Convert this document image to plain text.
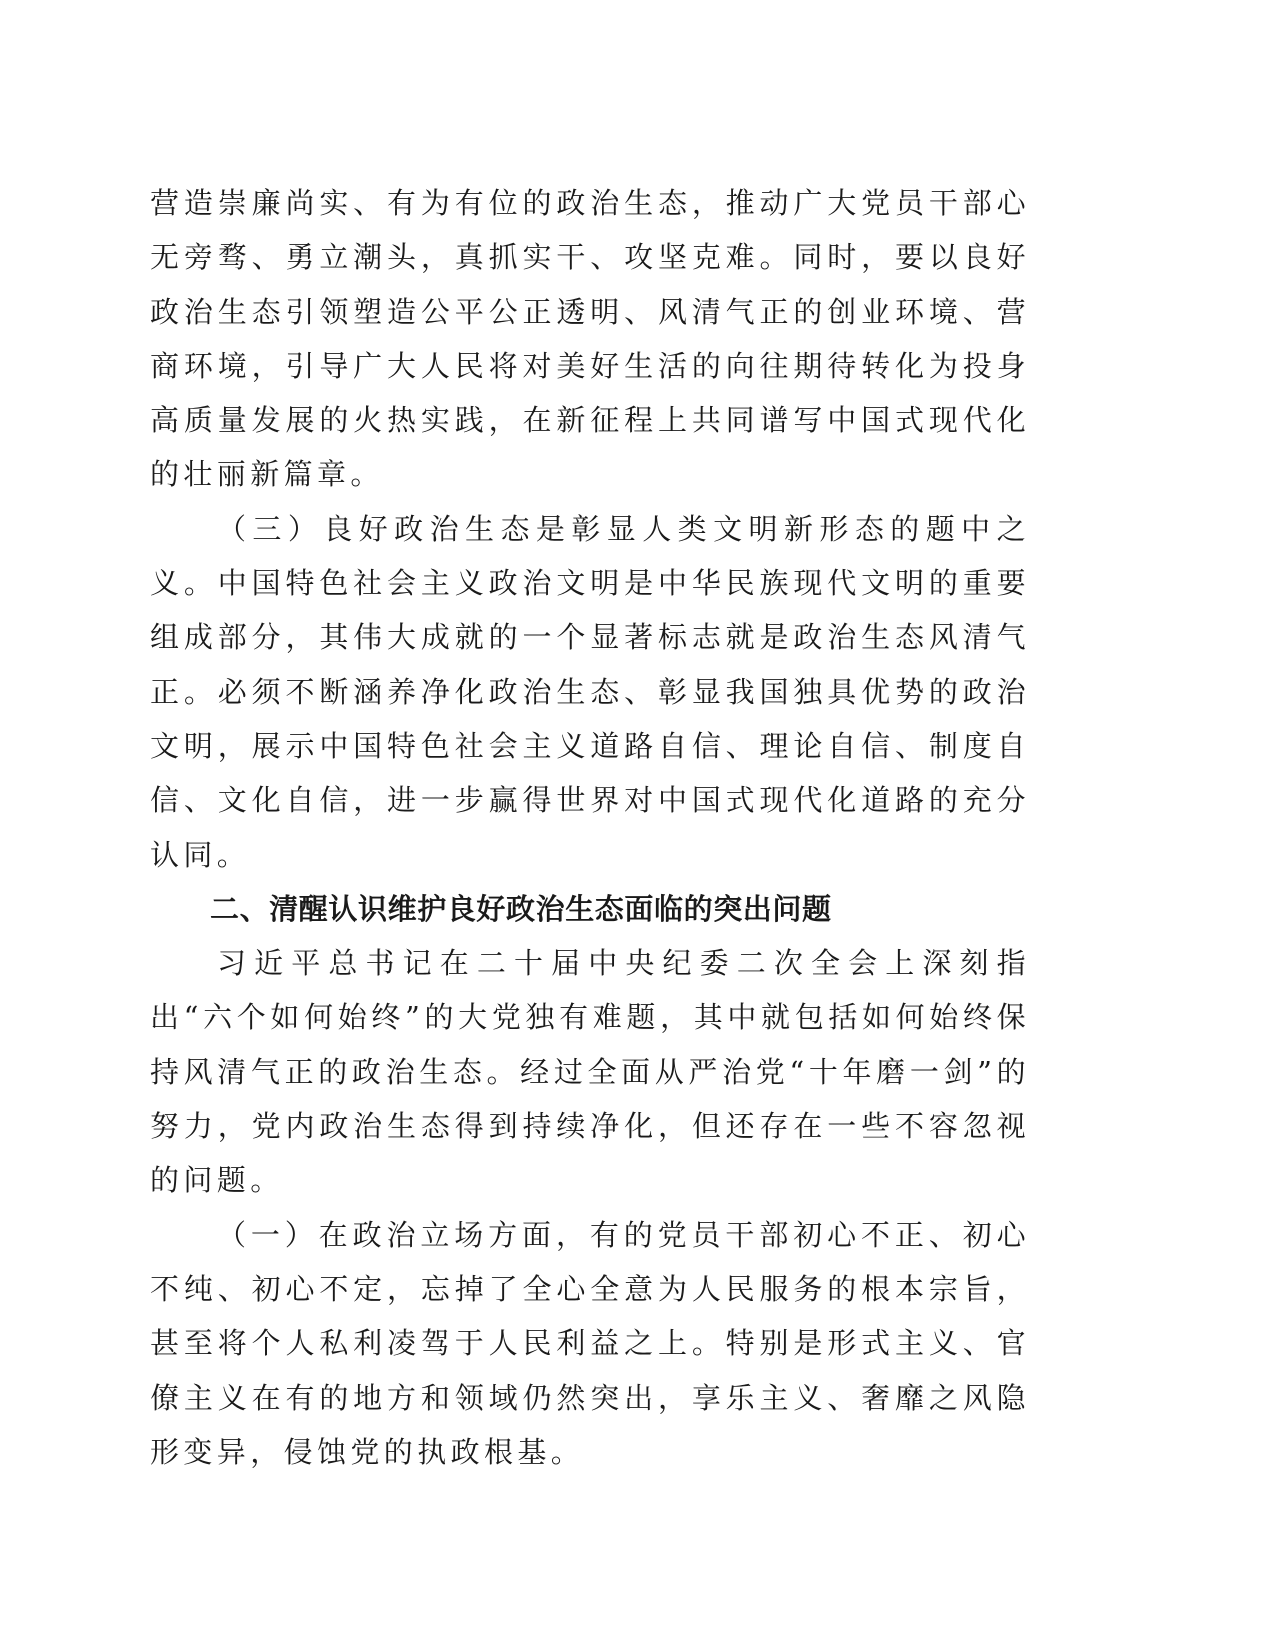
营造崇廉尚实、有为有位的政治生态，推动广大党员干部心无旁骛、勇立潮头，真抓实干、攻坚克难。同时，要以良好政治生态引领塑造公平公正透明、风清气正的创业环境、营商环境，引导广大人民将对美好生活的向往期待转化为投身高质量发展的火热实践，在新征程上共同谱写中国式现代化的壮丽新篇章。

（三）良好政治生态是彰显人类文明新形态的题中之义。中国特色社会主义政治文明是中华民族现代文明的重要组成部分，其伟大成就的一个显著标志就是政治生态风清气正。必须不断涵养净化政治生态、彰显我国独具优势的政治文明，展示中国特色社会主义道路自信、理论自信、制度自信、文化自信，进一步赢得世界对中国式现代化道路的充分认同。

二、清醒认识维护良好政治生态面临的突出问题

习近平总书记在二十届中央纪委二次全会上深刻指出“六个如何始终”的大党独有难题，其中就包括如何始终保持风清气正的政治生态。经过全面从严治党“十年磨一剑”的努力，党内政治生态得到持续净化，但还存在一些不容忽视的问题。

（一）在政治立场方面，有的党员干部初心不正、初心不纯、初心不定，忘掉了全心全意为人民服务的根本宗旨，甚至将个人私利凌驾于人民利益之上。特别是形式主义、官僚主义在有的地方和领域仍然突出，享乐主义、奢靡之风隐形变异，侵蚀党的执政根基。
